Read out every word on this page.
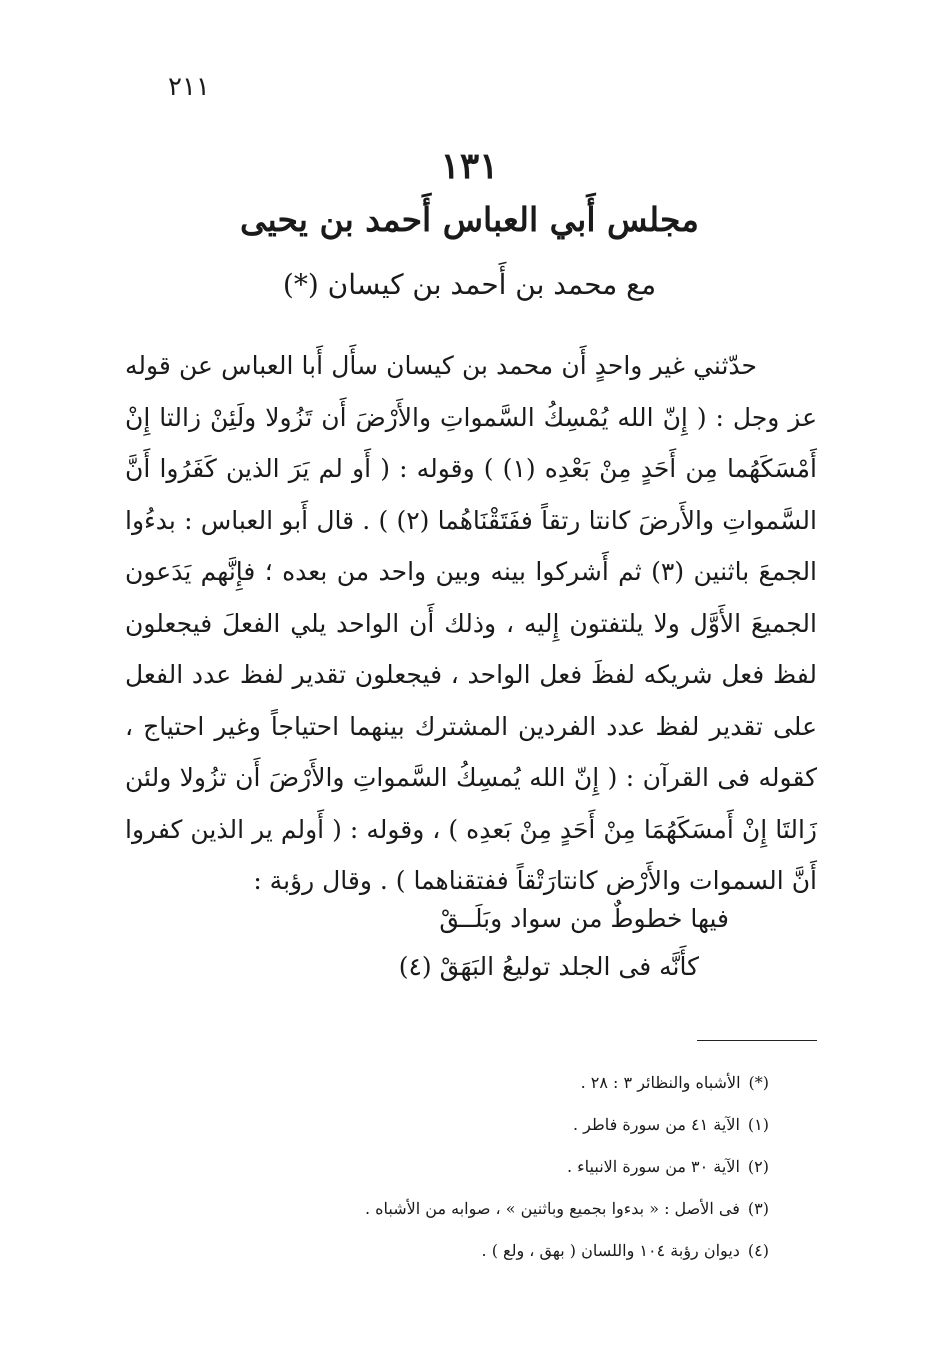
٢١١
١٣١
مجلس أَبي العباس أَحمد بن يحيى
مع محمد بن أَحمد بن كيسان (*)

حدّثني غير واحدٍ أَن محمد بن كيسان سأَل أَبا العباس عن قوله عز وجل : ( إِنّ الله يُمْسِكُ السَّمواتِ والأَرْضَ أَن تَزُولا ولَئِنْ زالتا إِنْ أَمْسَكَهُما مِن أَحَدٍ مِنْ بَعْدِه (١) ) وقوله : ( أَو لم يَرَ الذين كَفَرُوا أَنَّ السَّمواتِ والأَرضَ كانتا رتقاً ففَتَقْنَاهُما (٢) ) . قال أَبو العباس : بدءُوا الجمعَ باثنين (٣) ثم أَشركوا بينه وبين واحد من بعده ؛ فإِنَّهم يَدَعون الجميعَ الأَوَّل ولا يلتفتون إِليه ، وذلك أَن الواحد يلي الفعلَ فيجعلون لفظ فعل شريكه لفظَ فعل الواحد ، فيجعلون تقدير لفظ عدد الفعل على تقدير لفظ عدد الفردين المشترك بينهما احتياجاً وغير احتياج ، كقوله فى القرآن : ( إِنّ الله يُمسِكُ السَّمواتِ والأَرْضَ أَن تزُولا ولئن زَالتَا إِنْ أَمسَكَهُمَا مِنْ أَحَدٍ مِنْ بَعدِه ) ، وقوله : ( أَولم ير الذين كفروا أَنَّ السموات والأَرْض كانتارَتْقاً ففتقناهما ) . وقال رؤبة :

فيها خطوطٌ من سواد وبَلَــقْ
كأَنَّه فى الجلد توليعُ البَهَقْ (٤)
(*)الأشباه والنظائر ٣ : ٢٨ .
(١)الآية ٤١ من سورة فاطر .
(٢)الآية ٣٠ من سورة الانبياء .
(٣)فى الأصل : « بدءوا بجميع وباثنين » ، صوابه من الأشباه .
(٤)ديوان رؤبة ١٠٤ واللسان ( بهق ، ولع ) .
